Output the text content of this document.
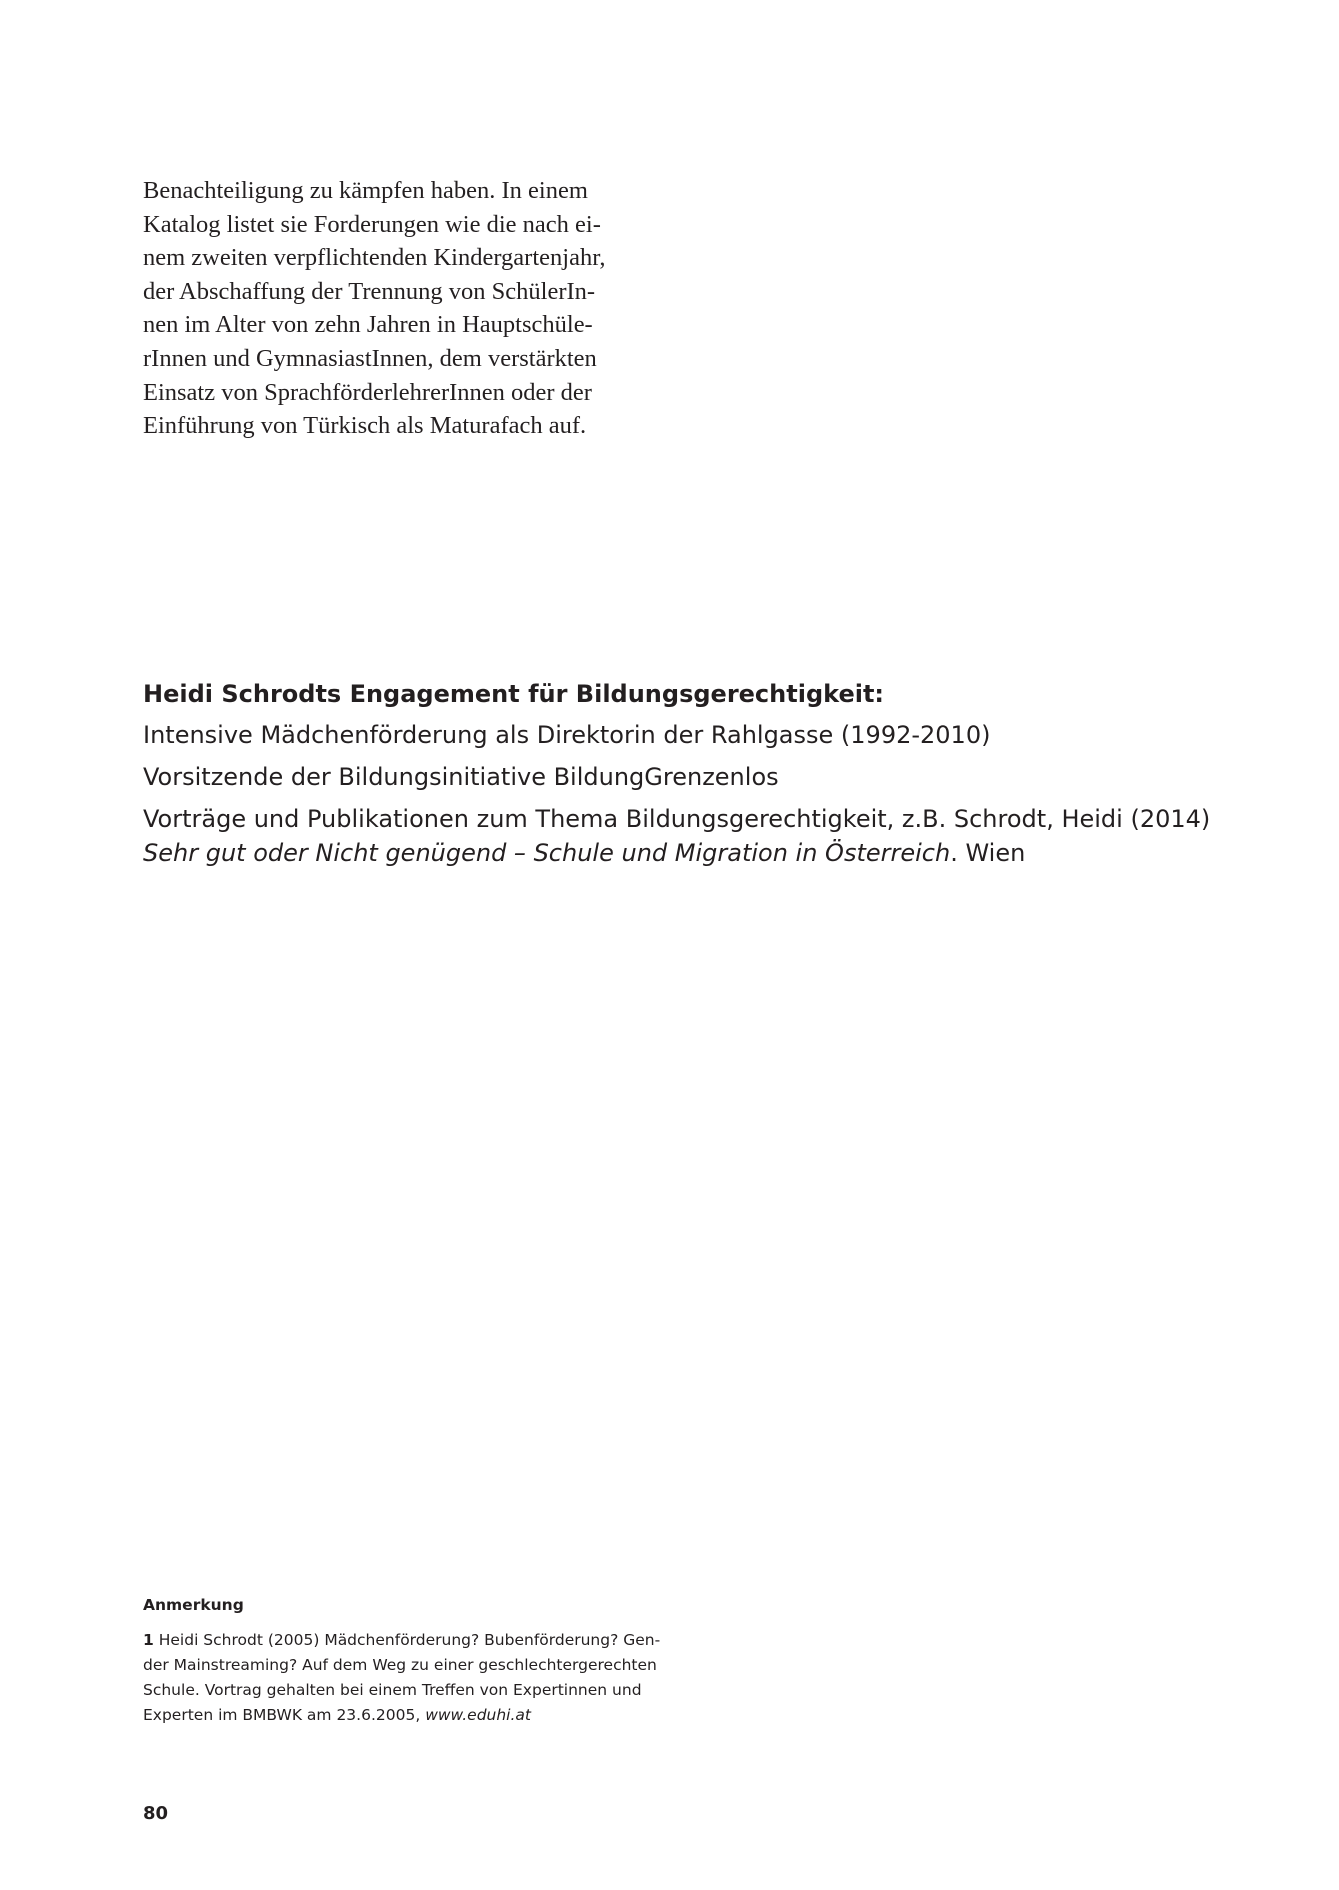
Benachteiligung zu kämpfen haben. In einem
Katalog listet sie Forderungen wie die nach ei-
nem zweiten verpflichtenden Kindergartenjahr,
der Abschaffung der Trennung von SchülerIn-
nen im Alter von zehn Jahren in Hauptschüle-
rInnen und GymnasiastInnen, dem verstärkten
Einsatz von SprachförderlehrerInnen oder der
Einführung von Türkisch als Maturafach auf.
Heidi Schrodts Engagement für Bildungsgerechtigkeit:
Intensive Mädchenförderung als Direktorin der Rahlgasse (1992-2010)
Vorsitzende der Bildungsinitiative BildungGrenzenlos
Vorträge und Publikationen zum Thema Bildungsgerechtigkeit, z.B. Schrodt, Heidi (2014)
Sehr gut oder Nicht genügend – Schule und Migration in Österreich. Wien
Anmerkung
1 Heidi Schrodt (2005) Mädchenförderung? Bubenförderung? Gen-
der Mainstreaming? Auf dem Weg zu einer geschlechtergerechten
Schule. Vortrag gehalten bei einem Treffen von Expertinnen und
Experten im BMBWK am 23.6.2005, www.eduhi.at
80
